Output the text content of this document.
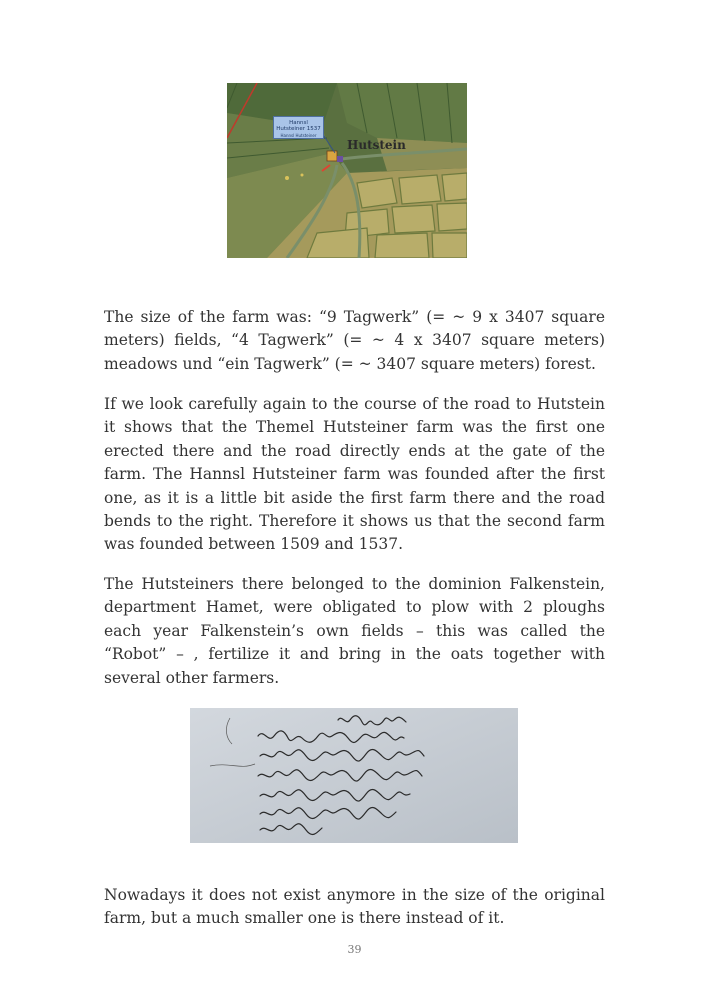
Hannsl Hutsteiner 1537
Hannsl Hutsteiner
Hutstein

The size of the farm was: “9 Tagwerk” (= ~ 9 x 3407 square meters) fields, “4 Tagwerk” (= ~ 4 x 3407 square meters) meadows und “ein Tagwerk” (= ~ 3407 square meters) forest.

If we look carefully again to the course of the road to Hutstein it shows that the Themel Hutsteiner farm was the first one erected there and the road directly ends at the gate of the farm. The Hannsl Hutsteiner farm was founded after the first one, as it is a little bit aside the first farm there and the road bends to the right. Therefore it shows us that the second farm was founded between 1509 and 1537.

The Hutsteiners there belonged to the dominion Falkenstein, department Hamet, were obligated to plow with 2 ploughs each year Falkenstein’s own fields – this was called the “Robot” – , fertilize it and bring in the oats together with several other farmers.

Nowadays it does not exist anymore in the size of the original farm, but a much smaller one is there instead of it.

39
